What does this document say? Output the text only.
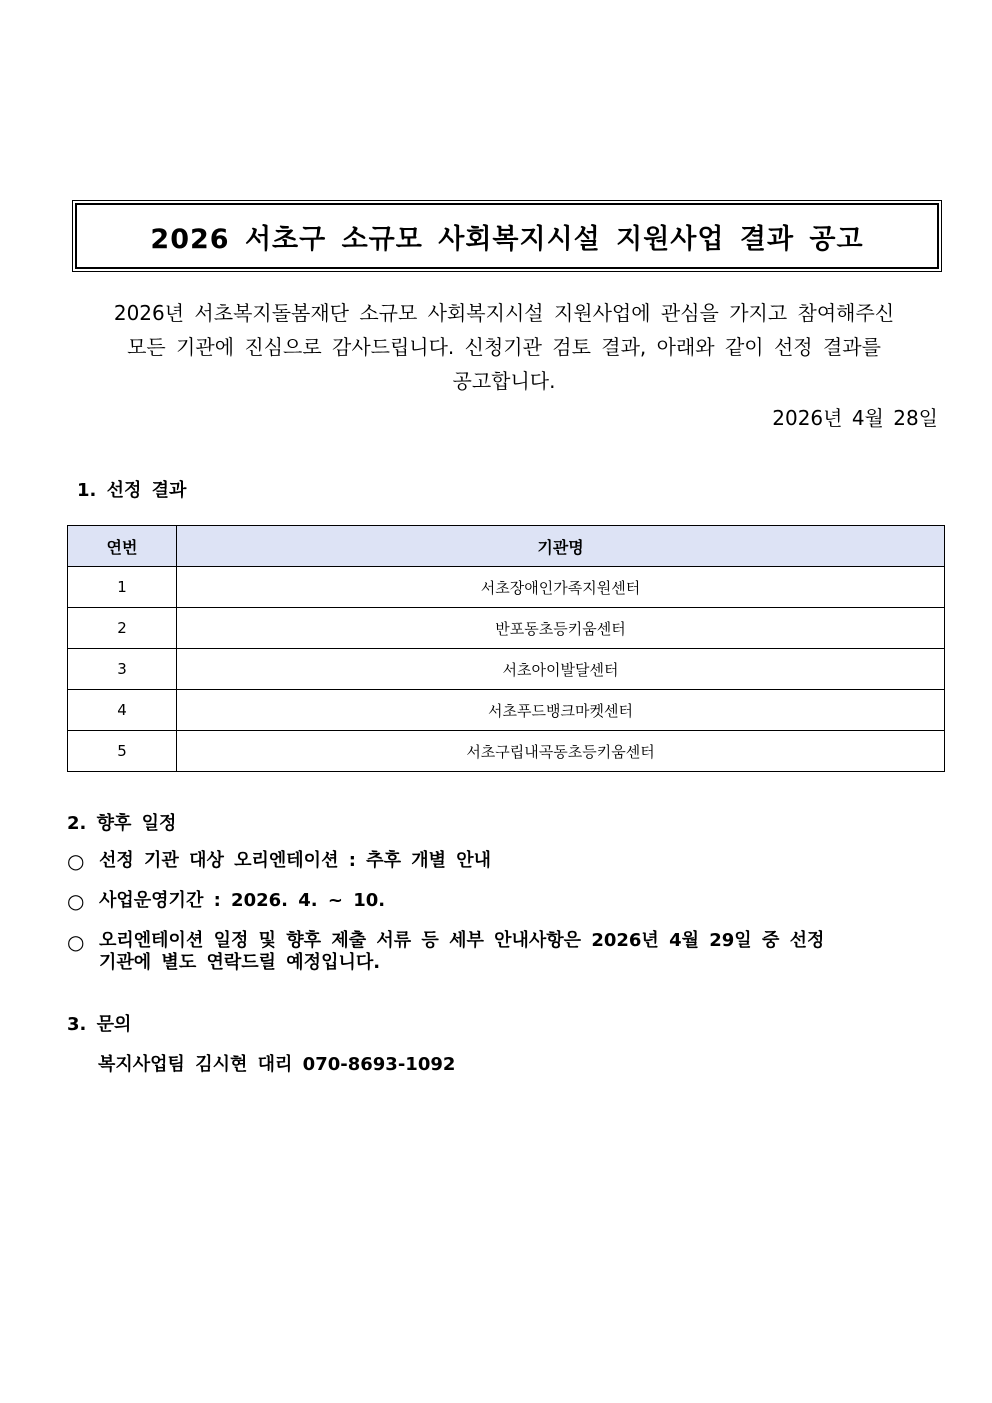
2026 서초구 소규모 사회복지시설 지원사업 결과 공고
2026년 서초복지돌봄재단 소규모 사회복지시설 지원사업에 관심을 가지고 참여해주신
모든 기관에 진심으로 감사드립니다. 신청기관 검토 결과, 아래와 같이 선정 결과를
공고합니다.
2026년 4월 28일
1. 선정 결과
연번	기관명
1	서초장애인가족지원센터
2	반포동초등키움센터
3	서초아이발달센터
4	서초푸드뱅크마켓센터
5	서초구립내곡동초등키움센터
2. 향후 일정
○ 선정 기관 대상 오리엔테이션 : 추후 개별 안내
○ 사업운영기간 : 2026. 4. ~ 10.
○ 오리엔테이션 일정 및 향후 제출 서류 등 세부 안내사항은 2026년 4월 29일 중 선정
기관에 별도 연락드릴 예정입니다.
3. 문의
복지사업팀 김시현 대리 070-8693-1092
